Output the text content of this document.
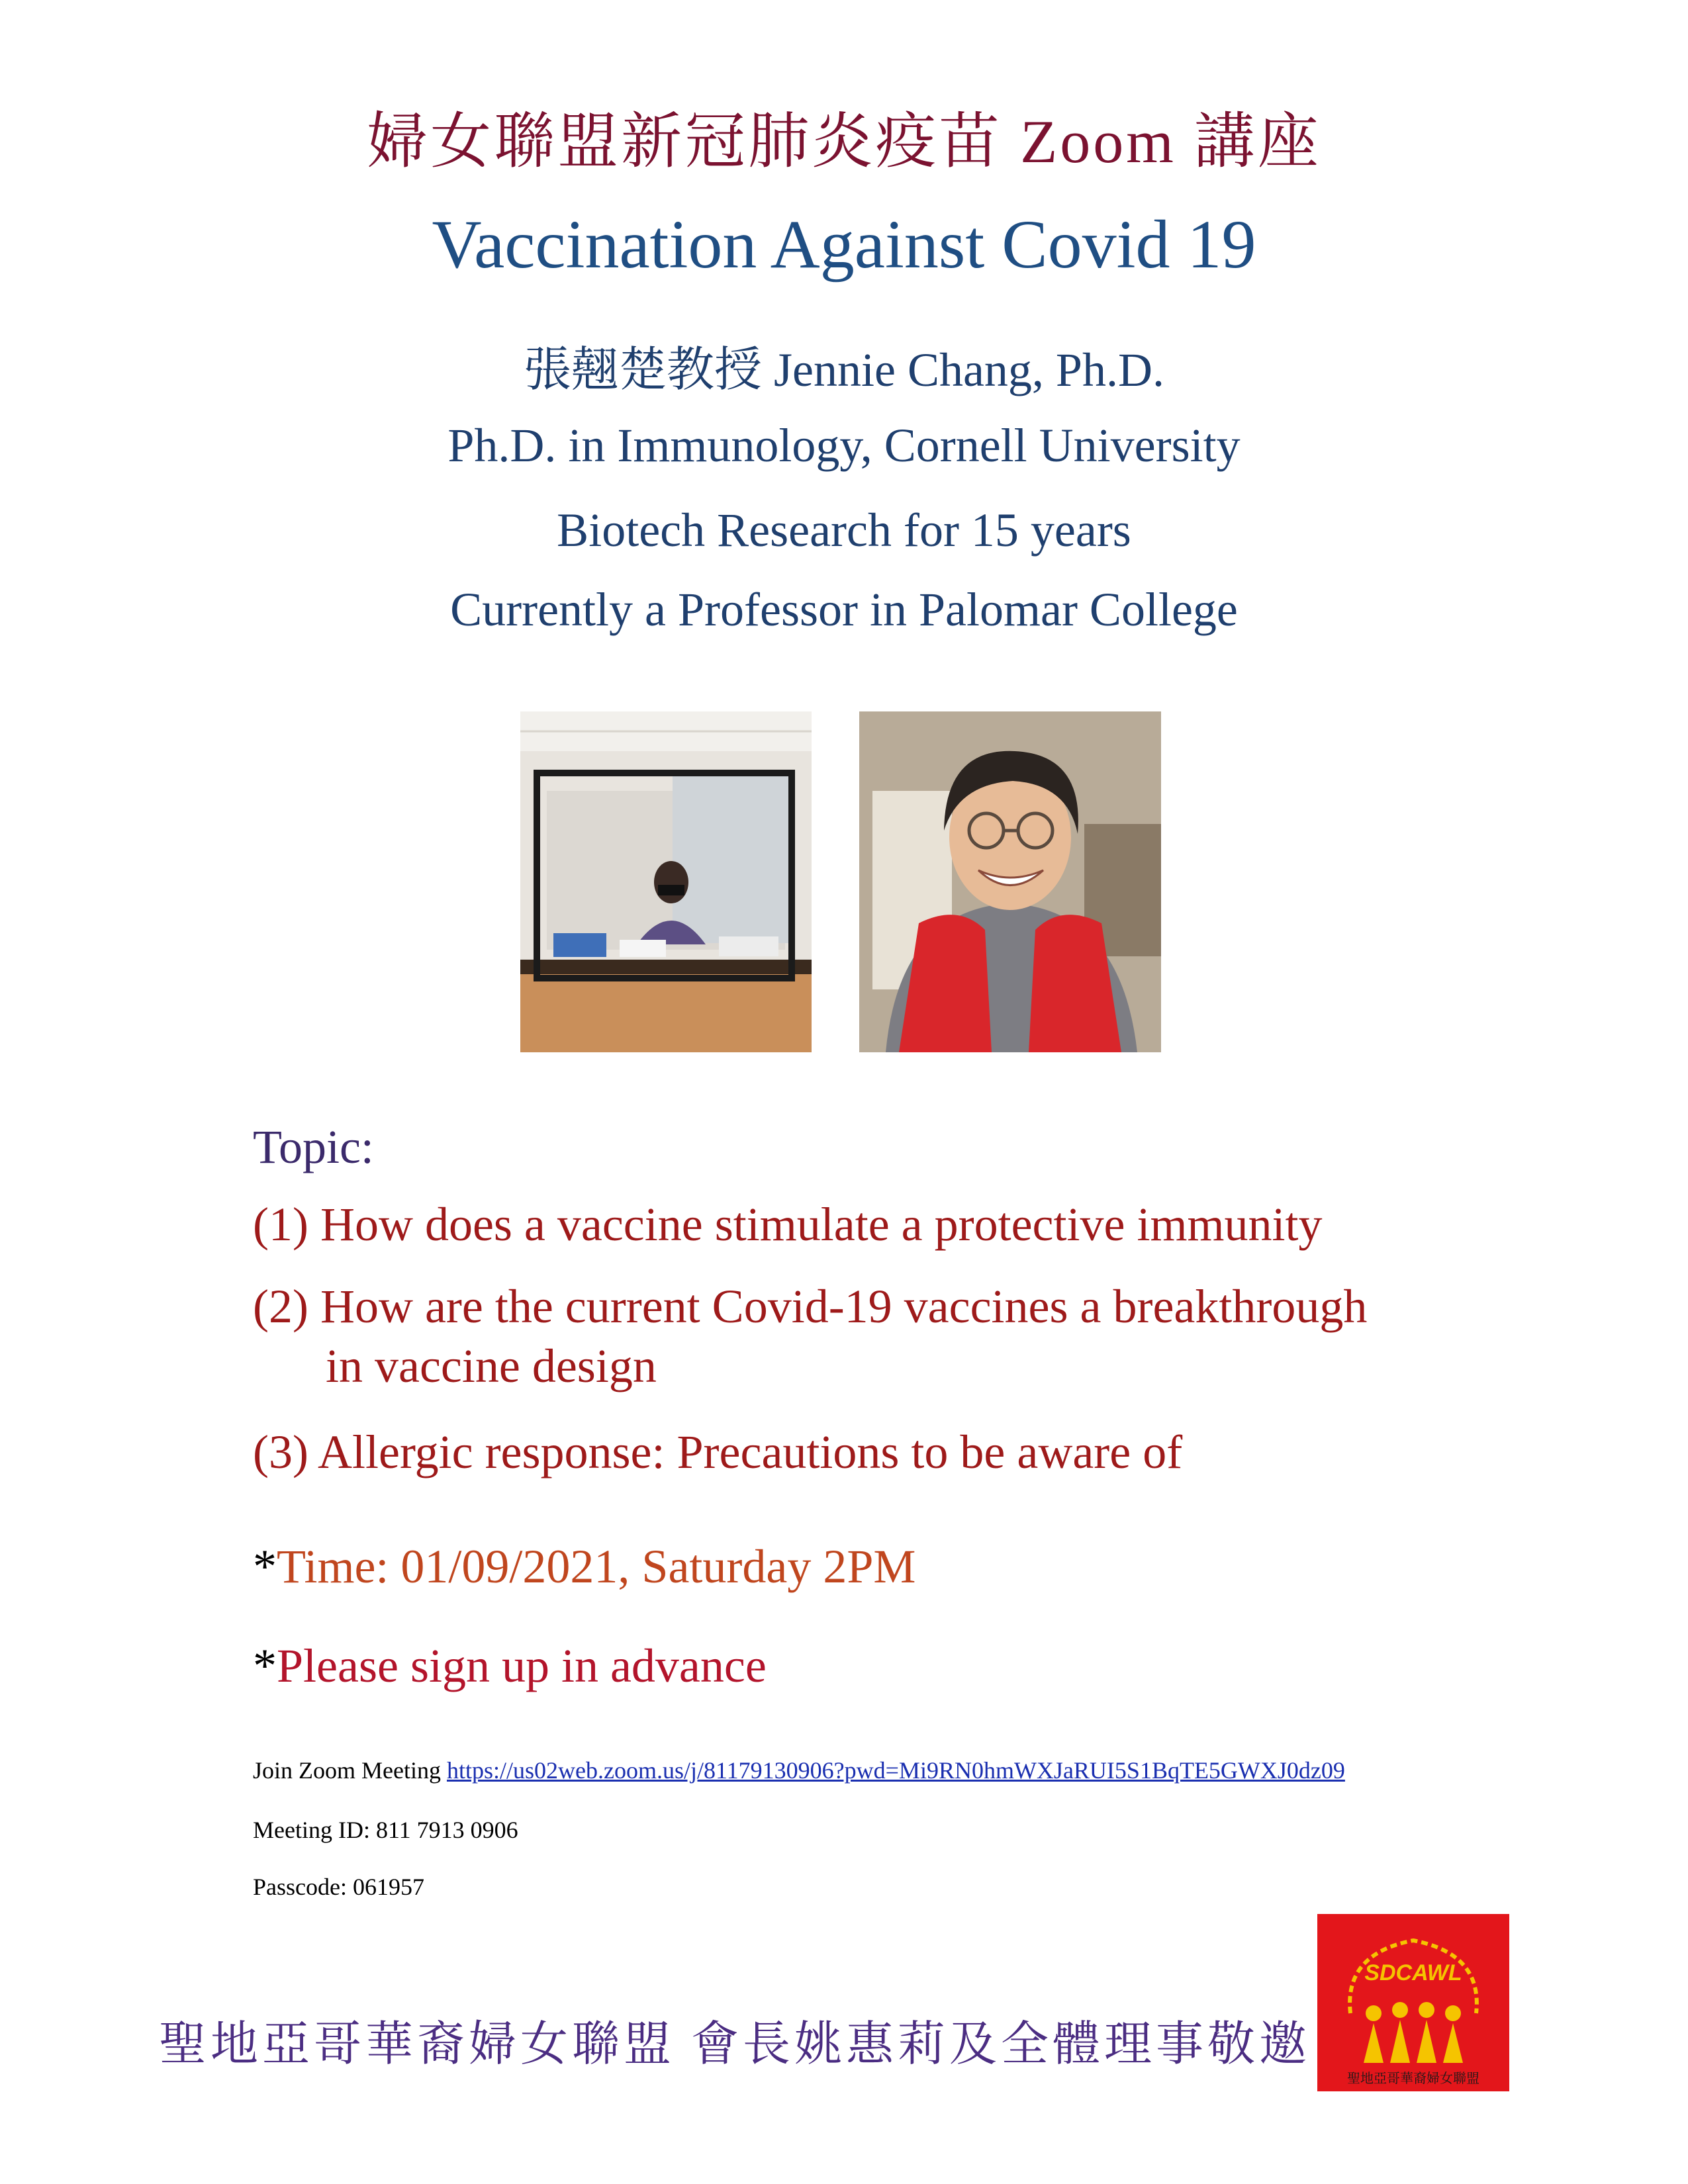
婦女聯盟新冠肺炎疫苗 Zoom 講座
Vaccination Against Covid 19
張翹楚教授 Jennie Chang, Ph.D.
Ph.D. in Immunology, Cornell University
Biotech Research for 15 years
Currently a Professor in Palomar College
Topic:
(1) How does a vaccine stimulate a protective immunity
(2) How are the current Covid-19 vaccines a breakthrough
in vaccine design
(3) Allergic response: Precautions to be aware of
*Time: 01/09/2021, Saturday 2PM
*Please sign up in advance
Join Zoom Meeting https://us02web.zoom.us/j/81179130906?pwd=Mi9RN0hmWXJaRUI5S1BqTE5GWXJ0dz09
Meeting ID: 811 7913 0906
Passcode: 061957
聖地亞哥華裔婦女聯盟 會長姚惠莉及全體理事敬邀
SDCAWL
聖地亞哥華裔婦女聯盟
